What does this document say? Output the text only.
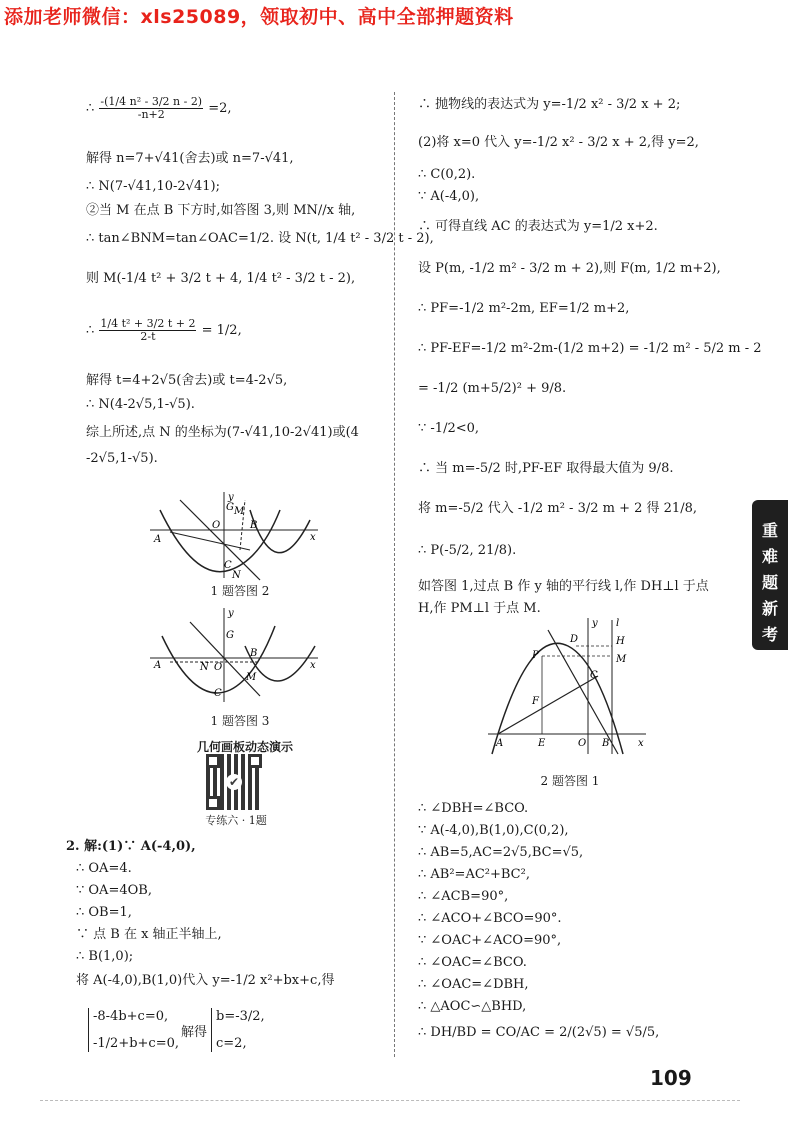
添加老师微信：xls25089，领取初中、高中全部押题资料
∴ $\frac{\text{-(1/4 n² - 3/2 n - 2)}}{-n+2} =2$,
解得 n=7+√41(舍去)或 n=7-√41,
∴ N(7-√41,10-2√41);
②当 M 在点 B 下方时,如答图 3,则 MN//x 轴,
∴ tan∠BNM=tan∠OAC=1/2. 设 N(t, 1/4 t² - 3/2 t - 2),
则 M(-1/4 t² + 3/2 t + 4, 1/4 t² - 3/2 t - 2),
∴ $\frac{\text{1/4 t² + 3/2 t + 2}}{2-t} = 1/2$,
解得 t=4+2√5(舍去)或 t=4-2√5,
∴ N(4-2√5,1-√5).
综上所述,点 N 的坐标为(7-√41,10-2√41)或(4
-2√5,1-√5).
y
x
G M
A
O	B
C
N
1 题答图 2
y
x
G
A	N O
B
C
M
1 题答图 3
几何画板动态演示
✔
专练六 · 1题
2. 解:(1)∵ A(-4,0),
∴ OA=4.
∵ OA=4OB,
∴ OB=1,
∵ 点 B 在 x 轴正半轴上,
∴ B(1,0);
将 A(-4,0),B(1,0)代入 y=-1/2 x²+bx+c,得
-8-4b+c=0,
-1/2+b+c=0,
解得
b=-3/2,
c=2,
∴ 抛物线的表达式为 y=-1/2 x² - 3/2 x + 2;
(2)将 x=0 代入 y=-1/2 x² - 3/2 x + 2,得 y=2,
∴ C(0,2).
∵ A(-4,0),
∴ 可得直线 AC 的表达式为 y=1/2 x+2.
设 P(m, -1/2 m² - 3/2 m + 2),则 F(m, 1/2 m+2),
∴ PF=-1/2 m²-2m, EF=1/2 m+2,
∴ PF-EF=-1/2 m²-2m-(1/2 m+2) = -1/2 m² - 5/2 m - 2
= -1/2 (m+5/2)² + 9/8.
∵ -1/2<0,
∴ 当 m=-5/2 时,PF-EF 取得最大值为 9/8.
将 m=-5/2 代入 -1/2 m² - 3/2 m + 2 得 21/8,
∴ P(-5/2, 21/8).
如答图 1,过点 B 作 y 轴的平行线 l,作 DH⊥l 于点
H,作 PM⊥l 于点 M.
y l
D	H
P	M
C
F
A	E	O B	x
2 题答图 1
∴ ∠DBH=∠BCO.
∵ A(-4,0),B(1,0),C(0,2),
∴ AB=5,AC=2√5,BC=√5,
∴ AB²=AC²+BC²,
∴ ∠ACB=90°,
∴ ∠ACO+∠BCO=90°.
∵ ∠OAC+∠ACO=90°,
∴ ∠OAC=∠BCO.
∴ ∠OAC=∠DBH,
∴ △AOC∽△BHD,
∴ DH/BD = CO/AC = 2/(2√5) = √5/5,
重难题新考法
109
